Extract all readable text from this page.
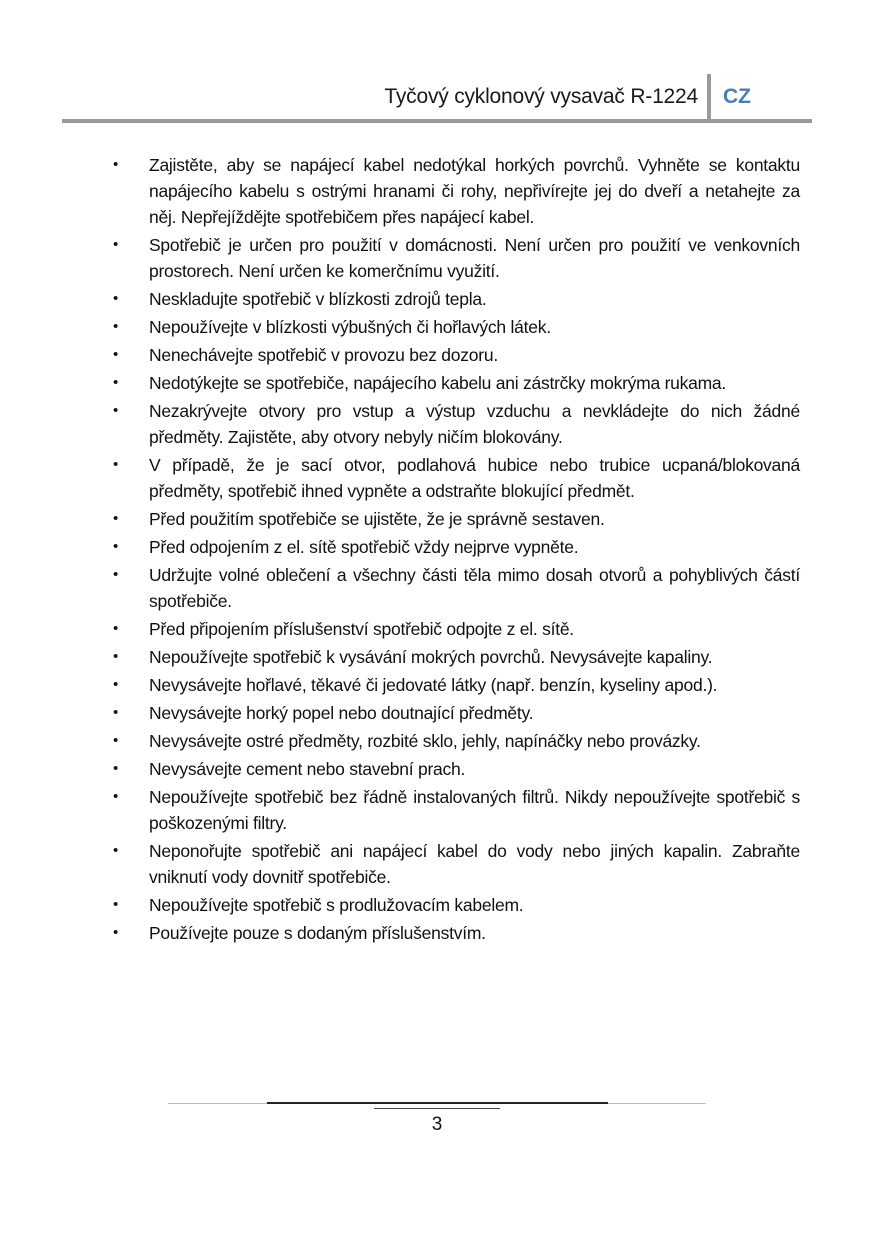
Tyčový cyklonový vysavač R-1224 CZ
• Zajistěte, aby se napájecí kabel nedotýkal horkých povrchů. Vyhněte se kontaktu napájecího kabelu s ostrými hranami či rohy, nepřivírejte jej do dveří a netahejte za něj. Nepřejíždějte spotřebičem přes napájecí kabel.
• Spotřebič je určen pro použití v domácnosti. Není určen pro použití ve venkovních prostorech. Není určen ke komerčnímu využití.
• Neskladujte spotřebič v blízkosti zdrojů tepla.
• Nepoužívejte v blízkosti výbušných či hořlavých látek.
• Nenechávejte spotřebič v provozu bez dozoru.
• Nedotýkejte se spotřebiče, napájecího kabelu ani zástrčky mokrýma rukama.
• Nezakrývejte otvory pro vstup a výstup vzduchu a nevkládejte do nich žádné předměty. Zajistěte, aby otvory nebyly ničím blokovány.
• V případě, že je sací otvor, podlahová hubice nebo trubice ucpaná/blokovaná předměty, spotřebič ihned vypněte a odstraňte blokující předmět.
• Před použitím spotřebiče se ujistěte, že je správně sestaven.
• Před odpojením z el. sítě spotřebič vždy nejprve vypněte.
• Udržujte volné oblečení a všechny části těla mimo dosah otvorů a pohyblivých částí spotřebiče.
• Před připojením příslušenství spotřebič odpojte z el. sítě.
• Nepoužívejte spotřebič k vysávání mokrých povrchů. Nevysávejte kapaliny.
• Nevysávejte hořlavé, těkavé či jedovaté látky (např. benzín, kyseliny apod.).
• Nevysávejte horký popel nebo doutnající předměty.
• Nevysávejte ostré předměty, rozbité sklo, jehly, napínáčky nebo provázky.
• Nevysávejte cement nebo stavební prach.
• Nepoužívejte spotřebič bez řádně instalovaných filtrů. Nikdy nepoužívejte spotřebič s poškozenými filtry.
• Neponořujte spotřebič ani napájecí kabel do vody nebo jiných kapalin. Zabraňte vniknutí vody dovnitř spotřebiče.
• Nepoužívejte spotřebič s prodlužovacím kabelem.
• Používejte pouze s dodaným příslušenstvím.
3
